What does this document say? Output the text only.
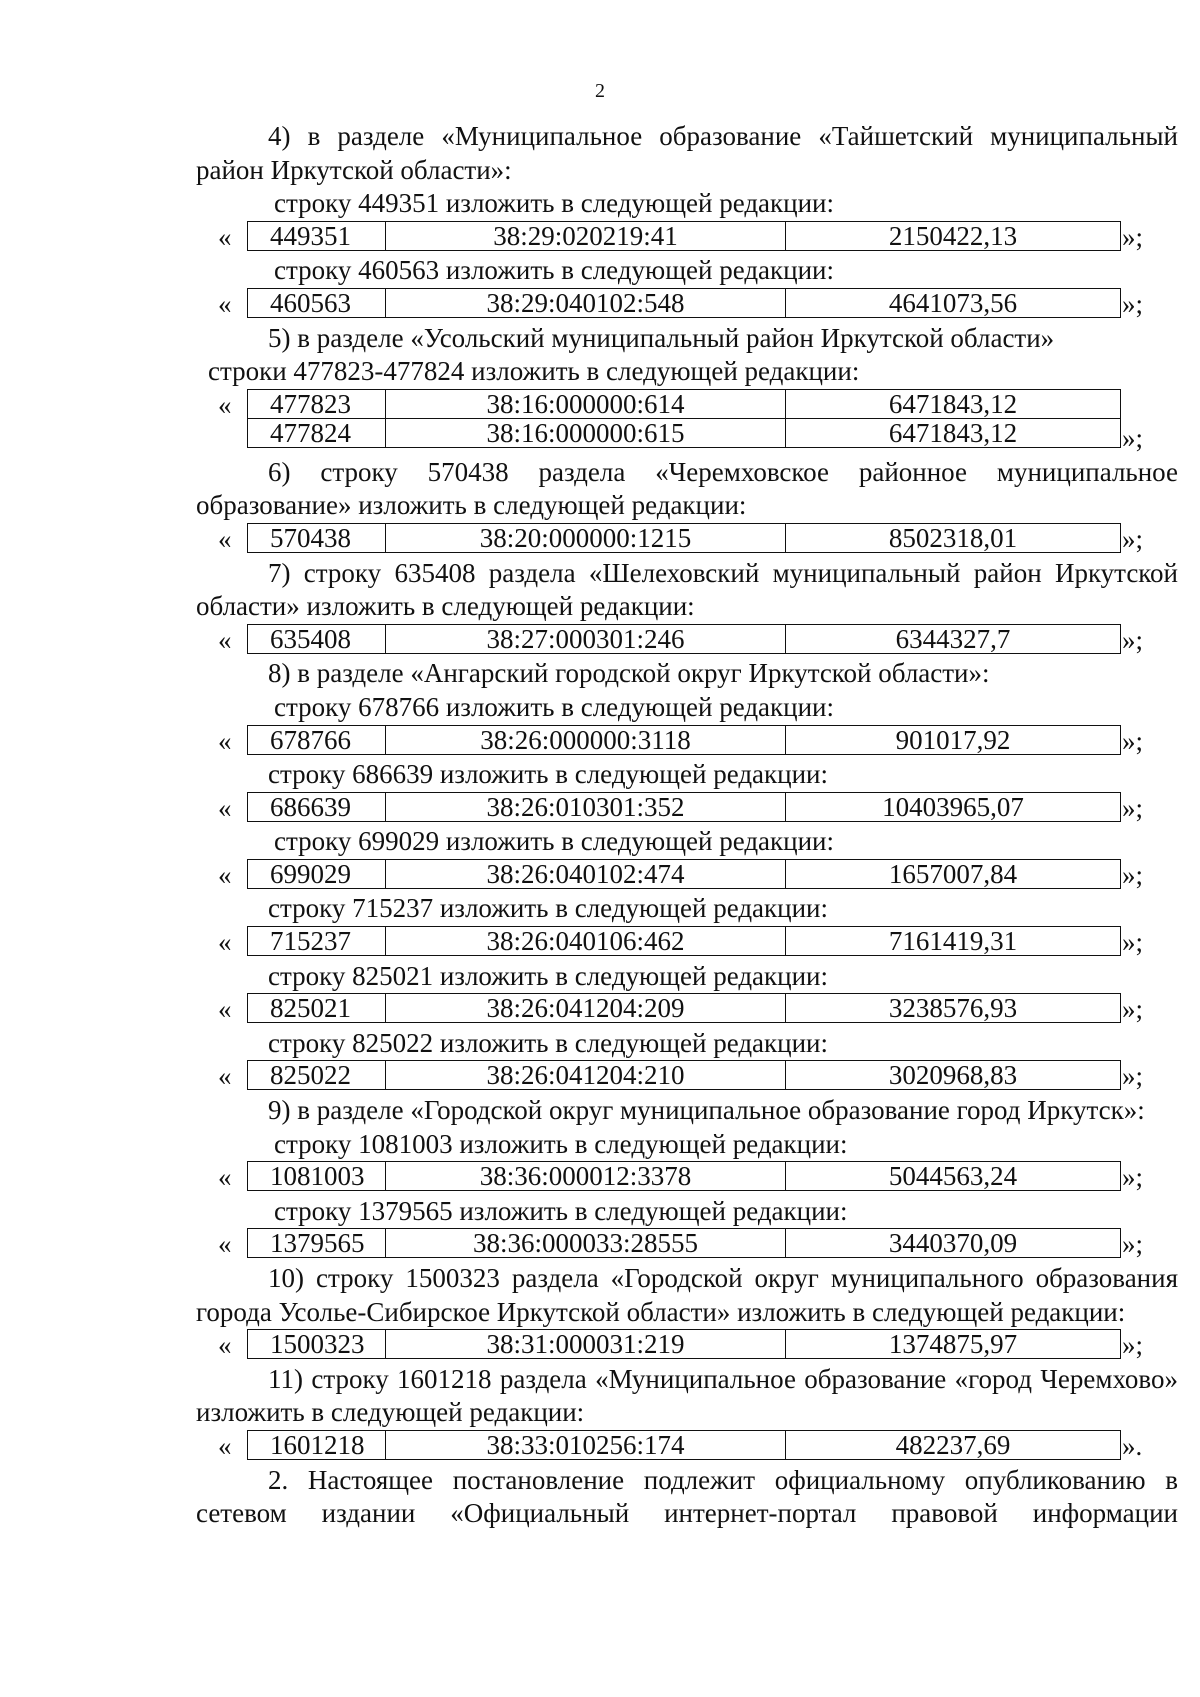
2

4) в разделе «Муниципальное образование «Тайшетский муниципальный район Иркутской области»:

строку 449351 изложить в следующей редакции:
« 449351	38:29:020219:41	2150422,13	»;
строку 460563 изложить в следующей редакции:
« 460563	38:29:040102:548	4641073,56	»;

5) в разделе «Усольский муниципальный район Иркутской области»

строки 477823-477824 изложить в следующей редакции:
« 477823	38:16:000000:614	6471843,12
477824	38:16:000000:615	6471843,12	»;

6) строку 570438 раздела «Черемховское районное муниципальное образование» изложить в следующей редакции:

« 570438	38:20:000000:1215	8502318,01	»;

7) строку 635408 раздела «Шелеховский муниципальный район Иркутской области» изложить в следующей редакции:

« 635408	38:27:000301:246	6344327,7	»;

8) в разделе «Ангарский городской округ Иркутской области»:

строку 678766 изложить в следующей редакции:
« 678766	38:26:000000:3118	901017,92	»;
строку 686639 изложить в следующей редакции:
« 686639	38:26:010301:352	10403965,07	»;
строку 699029 изложить в следующей редакции:
« 699029	38:26:040102:474	1657007,84	»;
строку 715237 изложить в следующей редакции:
« 715237	38:26:040106:462	7161419,31	»;
строку 825021 изложить в следующей редакции:
« 825021	38:26:041204:209	3238576,93	»;
строку 825022 изложить в следующей редакции:
« 825022	38:26:041204:210	3020968,83	»;

9) в разделе «Городской округ муниципальное образование город Иркутск»:

строку 1081003 изложить в следующей редакции:
« 1081003	38:36:000012:3378	5044563,24	»;
строку 1379565 изложить в следующей редакции:
« 1379565	38:36:000033:28555	3440370,09	»;

10) строку 1500323 раздела «Городской округ муниципального образования города Усолье-Сибирское Иркутской области» изложить в следующей редакции:

« 1500323	38:31:000031:219	1374875,97	»;

11) строку 1601218 раздела «Муниципальное образование «город Черемхово» изложить в следующей редакции:

« 1601218	38:33:010256:174	482237,69	».

2. Настоящее постановление подлежит официальному опубликованию в сетевом издании «Официальный интернет-портал правовой информации
